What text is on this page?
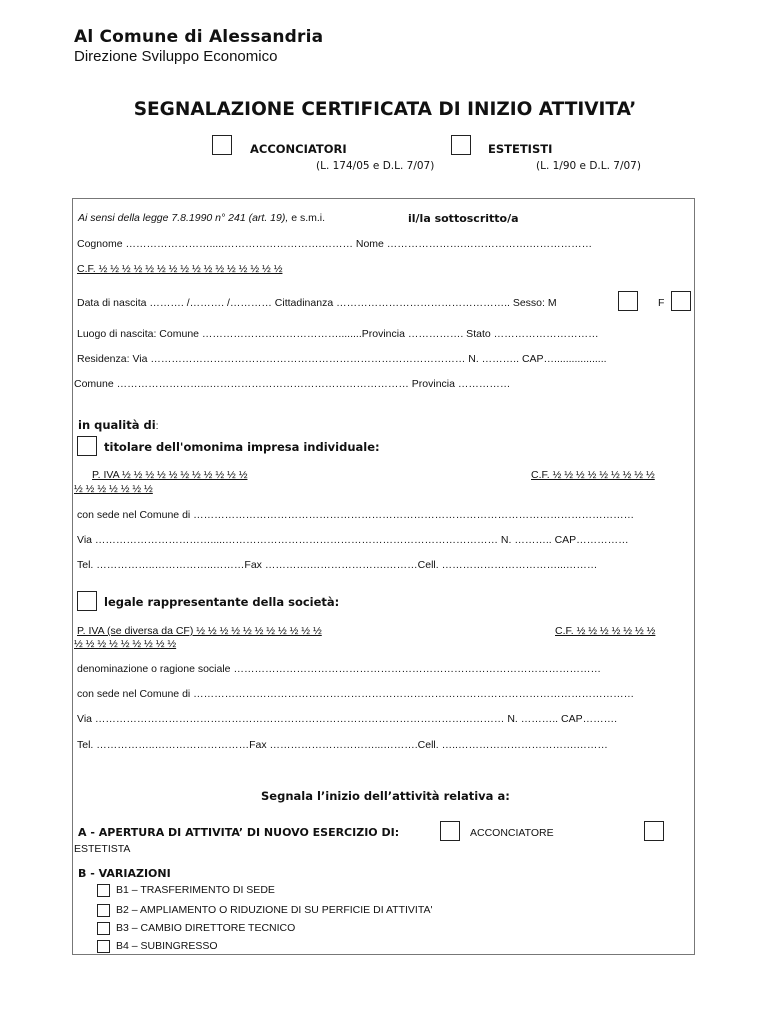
Al Comune di Alessandria
Direzione Sviluppo Economico
SEGNALAZIONE CERTIFICATA DI INIZIO ATTIVITA’
ACCONCIATORI
(L. 174/05 e D.L. 7/07)
ESTETISTI
(L. 1/90 e D.L. 7/07)
Ai sensi della legge 7.8.1990 n° 241 (art. 19), e s.m.i.	il/la sottoscritto/a
Cognome …………………….....……………………….……… Nome ………………….……………….………………
C.F. ½ ½ ½ ½ ½ ½ ½ ½ ½ ½ ½ ½ ½ ½ ½ ½
Data di nascita ………. /………. /………… Cittadinanza ………………………………………….. Sesso: M	F
Luogo di nascita: Comune …………………………………........Provincia ……………. Stato …………………………
Residenza: Via ……………………………………………………………………………… N. ……….. CAP…..................
Comune ……………………...………………………………………………… Provincia ……………
in qualità di:
titolare dell'omonima impresa individuale:
P. IVA ½ ½ ½ ½ ½ ½ ½ ½ ½ ½ ½	C.F. ½ ½ ½ ½ ½ ½ ½ ½ ½
½ ½ ½ ½ ½ ½ ½
con sede nel Comune di ………………………………………………………………………………………………………………
Via …………………………….....…………………………………………………………………… N. ……….. CAP……………
Tel. ……………..……………..………Fax ………….………………….………Cell. ……………………………...………
legale rappresentante della società:
P. IVA (se diversa da CF) ½ ½ ½ ½ ½ ½ ½ ½ ½ ½ ½	C.F. ½ ½ ½ ½ ½ ½ ½
½ ½ ½ ½ ½ ½ ½ ½ ½
denominazione o ragione sociale ……………………………………………………………………………………………
con sede nel Comune di ………………………………………………………………………………………………………………
Via ……………………………………………………………………………………………………… N. ……….. CAP……….
Tel. ……………..………………………Fax …………………………...……….Cell. …..…………………………….………
Segnala l’inizio dell’attività relativa a:
A - APERTURA DI ATTIVITA’ DI NUOVO ESERCIZIO DI:	ACCONCIATORE
ESTETISTA
B - VARIAZIONI
B1 – TRASFERIMENTO DI SEDE
B2 – AMPLIAMENTO O RIDUZIONE DI SU PERFICIE DI ATTIVITA'
B3 – CAMBIO DIRETTORE TECNICO
B4 – SUBINGRESSO
